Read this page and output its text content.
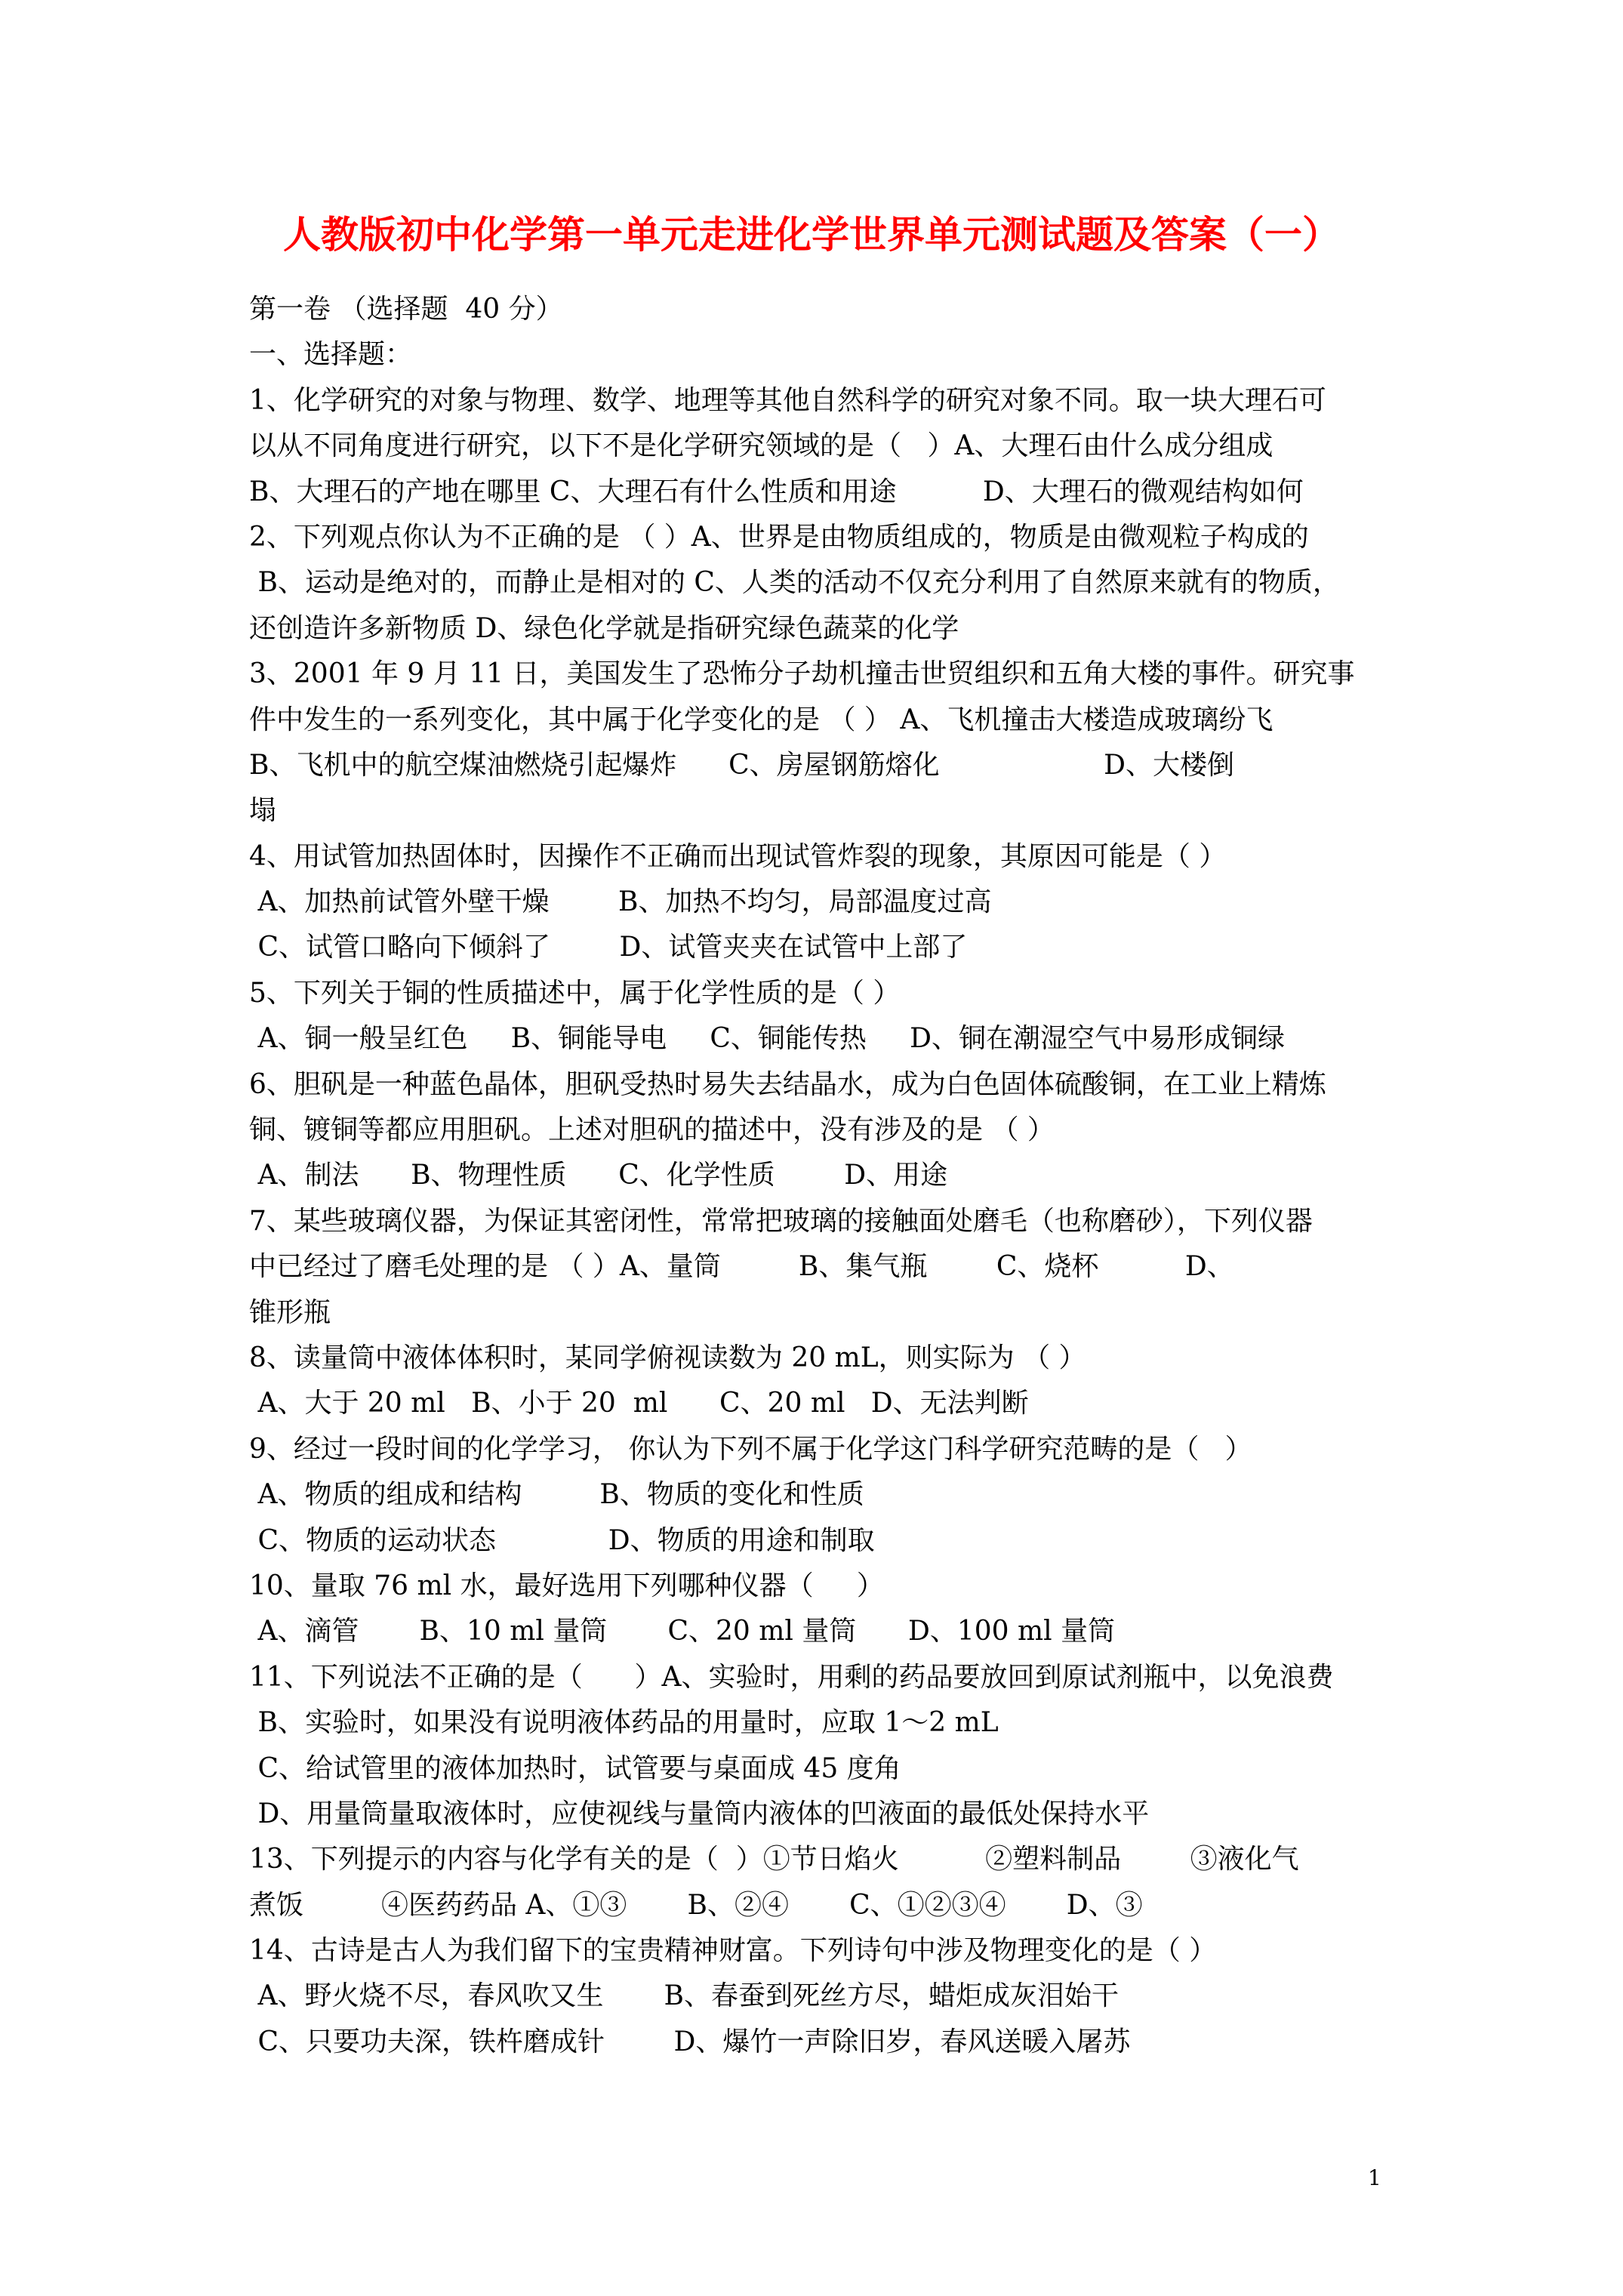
人教版初中化学第一单元走进化学世界单元测试题及答案（一）
第一卷 （选择题  40 分）
一、选择题：
1、化学研究的对象与物理、数学、地理等其他自然科学的研究对象不同。取一块大理石可
以从不同角度进行研究，以下不是化学研究领域的是（   ）A、大理石由什么成分组成
B、大理石的产地在哪里 C、大理石有什么性质和用途          D、大理石的微观结构如何
2、下列观点你认为不正确的是 （ ）A、世界是由物质组成的，物质是由微观粒子构成的
B、运动是绝对的，而静止是相对的 C、人类的活动不仅充分利用了自然原来就有的物质，
还创造许多新物质 D、绿色化学就是指研究绿色蔬菜的化学
3、2001 年 9 月 11 日，美国发生了恐怖分子劫机撞击世贸组织和五角大楼的事件。研究事
件中发生的一系列变化，其中属于化学变化的是 （ ） A、飞机撞击大楼造成玻璃纷飞
B、飞机中的航空煤油燃烧引起爆炸      C、房屋钢筋熔化                   D、大楼倒
塌
4、用试管加热固体时，因操作不正确而出现试管炸裂的现象，其原因可能是（ ）
A、加热前试管外壁干燥        B、加热不均匀，局部温度过高
C、试管口略向下倾斜了        D、试管夹夹在试管中上部了
5、下列关于铜的性质描述中，属于化学性质的是（ ）
A、铜一般呈红色     B、铜能导电     C、铜能传热     D、铜在潮湿空气中易形成铜绿
6、胆矾是一种蓝色晶体，胆矾受热时易失去结晶水，成为白色固体硫酸铜，在工业上精炼
铜、镀铜等都应用胆矾。上述对胆矾的描述中，没有涉及的是 （ ）
A、制法      B、物理性质      C、化学性质        D、用途
7、某些玻璃仪器，为保证其密闭性，常常把玻璃的接触面处磨毛（也称磨砂），下列仪器
中已经过了磨毛处理的是 （ ）A、量筒         B、集气瓶        C、烧杯          D、
锥形瓶
8、读量筒中液体体积时，某同学俯视读数为 20 mL，则实际为 （ ）
A、大于 20 ml   B、小于 20  ml      C、20 ml   D、无法判断
9、经过一段时间的化学学习， 你认为下列不属于化学这门科学研究范畴的是（   ）
A、物质的组成和结构         B、物质的变化和性质
C、物质的运动状态             D、物质的用途和制取
10、量取 76 ml 水，最好选用下列哪种仪器（     ）
A、滴管       B、10 ml 量筒       C、20 ml 量筒      D、100 ml 量筒
11、下列说法不正确的是（      ）A、实验时，用剩的药品要放回到原试剂瓶中，以免浪费
B、实验时，如果没有说明液体药品的用量时，应取 1～2 mL
C、给试管里的液体加热时，试管要与桌面成 45 度角
D、用量筒量取液体时，应使视线与量筒内液体的凹液面的最低处保持水平
13、下列提示的内容与化学有关的是（  ）①节日焰火          ②塑料制品        ③液化气
煮饭         ④医药药品 A、①③       B、②④       C、①②③④       D、③
14、古诗是古人为我们留下的宝贵精神财富。下列诗句中涉及物理变化的是（ ）
A、野火烧不尽，春风吹又生       B、春蚕到死丝方尽，蜡炬成灰泪始干
C、只要功夫深，铁杵磨成针        D、爆竹一声除旧岁，春风送暖入屠苏
1
